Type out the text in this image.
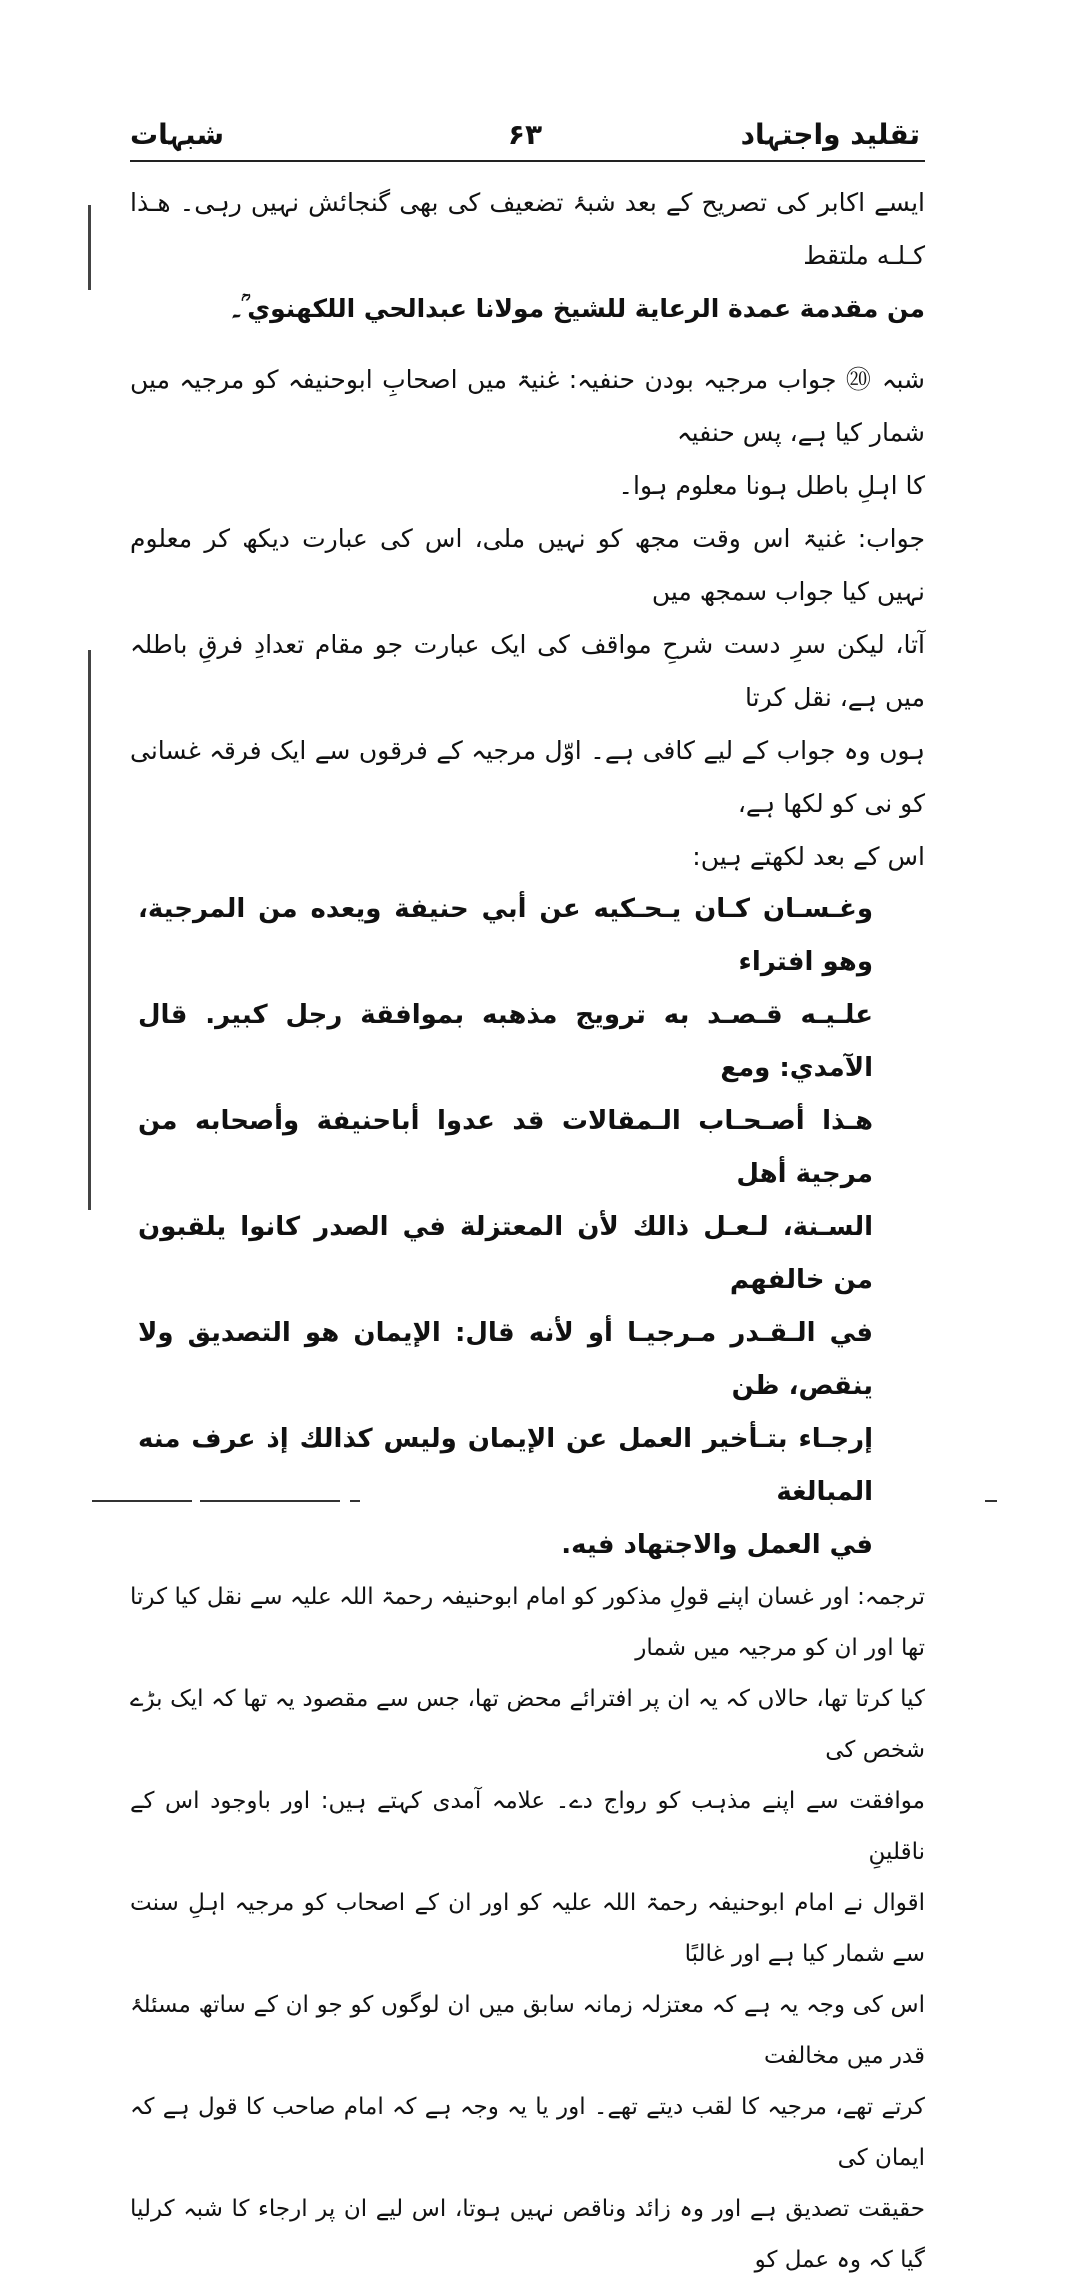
تقلید واجتہاد
۶۳
شبہات

ایسے اکابر کی تصریح کے بعد شبۂ تضعیف کی بھی گنجائش نہیں رہی۔ هـذا كـلـه ملتقط

من مقدمة عمدة الرعاية للشيخ مولانا عبدالحي اللكهنوي ؒ۔

شبہ ⑳ جواب مرجیہ بودن حنفیہ: غنیۃ میں اصحابِ ابوحنیفہ کو مرجیہ میں شمار کیا ہے، پس حنفیہ

کا اہلِ باطل ہونا معلوم ہوا۔

جواب: غنیۃ اس وقت مجھ کو نہیں ملی، اس کی عبارت دیکھ کر معلوم نہیں کیا جواب سمجھ میں

آتا، لیکن سرِ دست شرحِ مواقف کی ایک عبارت جو مقام تعدادِ فرقِ باطلہ میں ہے، نقل کرتا

ہوں وہ جواب کے لیے کافی ہے۔ اوّل مرجیہ کے فرقوں سے ایک فرقہ غسانی کو نی کو لکھا ہے،

اس کے بعد لکھتے ہیں:

وغـسـان كـان يـحـكيه عن أبي حنيفة ويعده من المرجية، وهو افتراء

علـيـه قـصـد به ترويج مذهبه بموافقة رجل كبير. قال الآمدي: ومع

هـذا أصـحـاب الـمقالات قد عدوا أباحنيفة وأصحابه من مرجية أهل

السـنة، لـعـل ذالك لأن المعتزلة في الصدر كانوا يلقبون من خالفهم

في الـقـدر مـرجيـا أو لأنه قال: الإيمان هو التصديق ولا ينقص، ظن

إرجـاء بتـأخير العمل عن الإيمان وليس كذالك إذ عرف منه المبالغة

في العمل والاجتهاد فيه.

ترجمہ: اور غسان اپنے قولِ مذکور کو امام ابوحنیفہ رحمۃ اللہ علیہ سے نقل کیا کرتا تھا اور ان کو مرجیہ میں شمار

کیا کرتا تھا، حالاں کہ یہ ان پر افترائے محض تھا، جس سے مقصود یہ تھا کہ ایک بڑے شخص کی

موافقت سے اپنے مذہب کو رواج دے۔ علامہ آمدی کہتے ہیں: اور باوجود اس کے ناقلینِ

اقوال نے امام ابوحنیفہ رحمۃ اللہ علیہ کو اور ان کے اصحاب کو مرجیہ اہلِ سنت سے شمار کیا ہے اور غالبًا

اس کی وجہ یہ ہے کہ معتزلہ زمانہ سابق میں ان لوگوں کو جو ان کے ساتھ مسئلۂ قدر میں مخالفت

کرتے تھے، مرجیہ کا لقب دیتے تھے۔ اور یا یہ وجہ ہے کہ امام صاحب کا قول ہے کہ ایمان کی

حقیقت تصدیق ہے اور وہ زائد وناقص نہیں ہوتا، اس لیے ان پر ارجاء کا شبہ کرلیا گیا کہ وہ عمل کو
